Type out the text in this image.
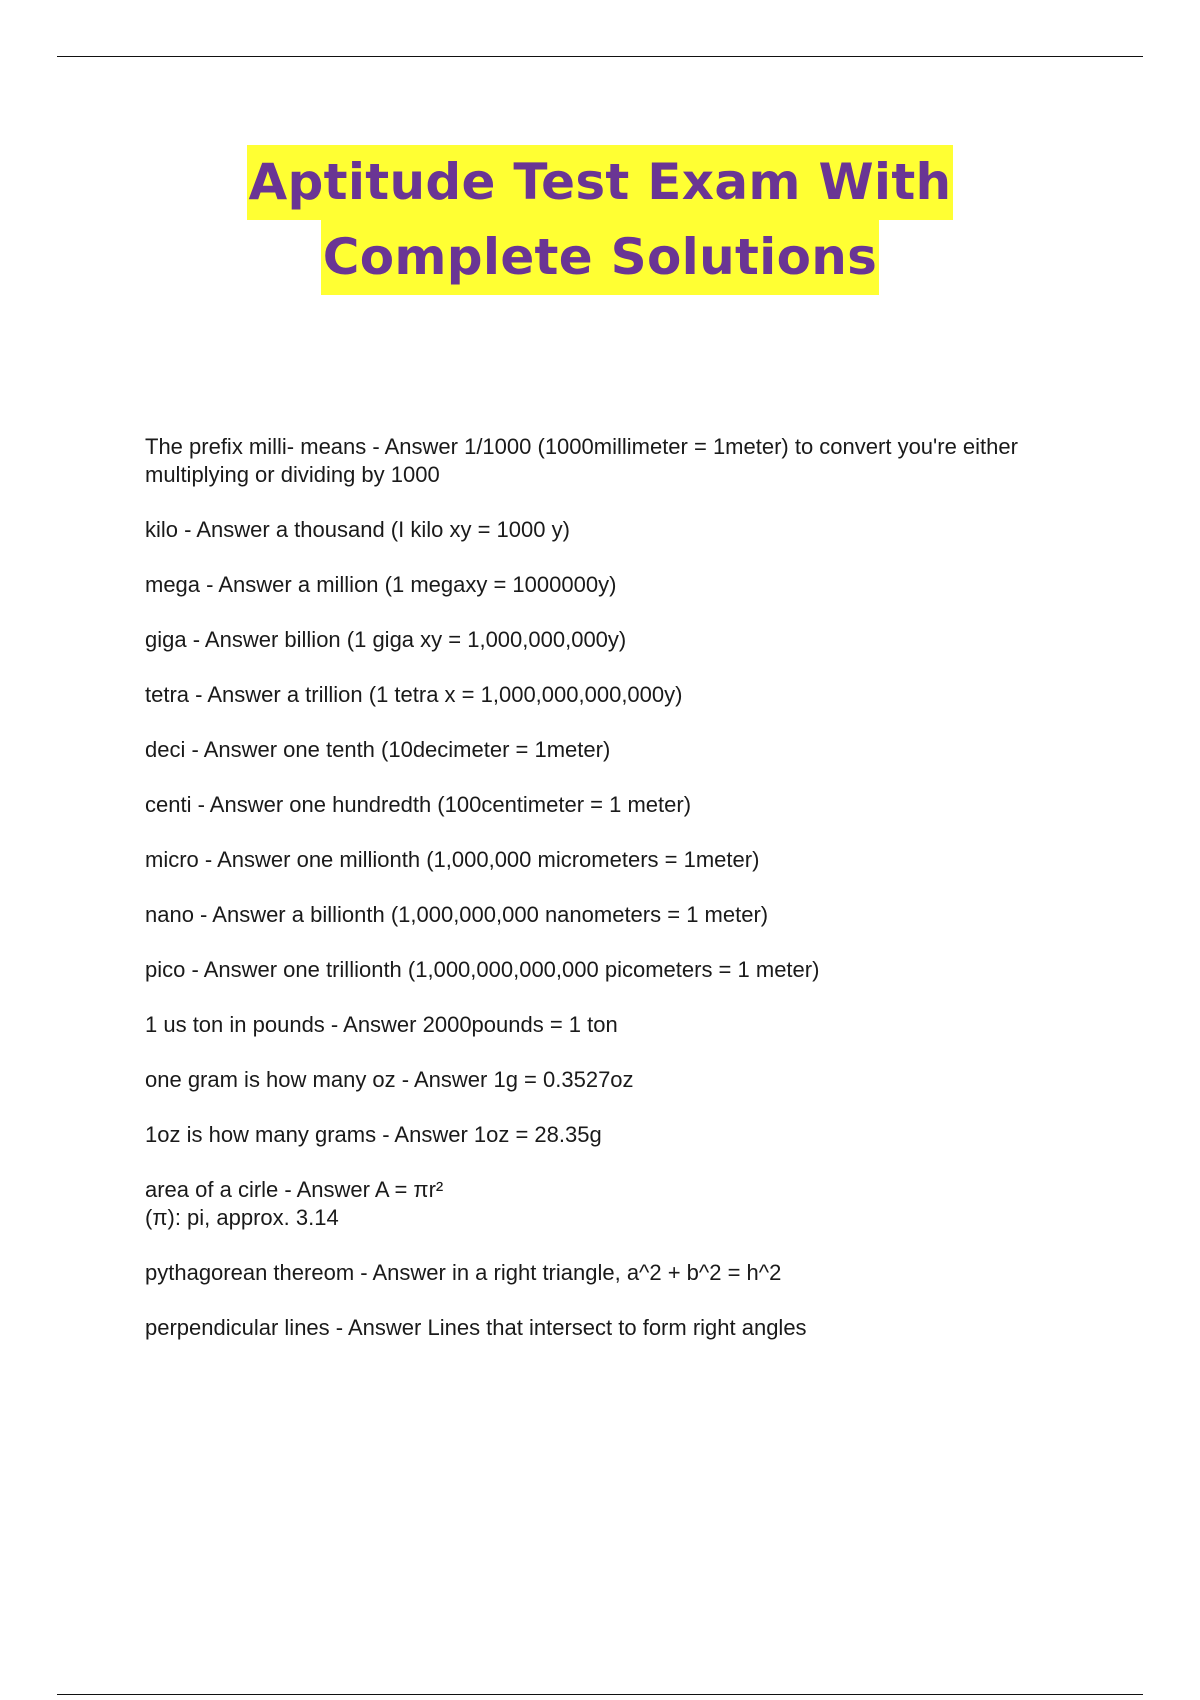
Aptitude Test Exam With
Complete Solutions
The prefix milli- means - Answer 1/1000 (1000millimeter = 1meter) to convert you're either multiplying or dividing by 1000
kilo - Answer a thousand (I kilo xy = 1000 y)
mega - Answer a million (1 megaxy = 1000000y)
giga - Answer billion (1 giga xy = 1,000,000,000y)
tetra - Answer a trillion (1 tetra x = 1,000,000,000,000y)
deci - Answer one tenth (10decimeter = 1meter)
centi - Answer one hundredth (100centimeter = 1 meter)
micro - Answer one millionth (1,000,000 micrometers = 1meter)
nano - Answer a billionth (1,000,000,000 nanometers = 1 meter)
pico - Answer one trillionth (1,000,000,000,000 picometers = 1 meter)
1 us ton in pounds - Answer 2000pounds = 1 ton
one gram is how many oz - Answer 1g = 0.3527oz
1oz is how many grams - Answer 1oz = 28.35g
area of a cirle - Answer A = πr²
(π): pi, approx. 3.14
pythagorean thereom - Answer in a right triangle, a^2 + b^2 = h^2
perpendicular lines - Answer Lines that intersect to form right angles
